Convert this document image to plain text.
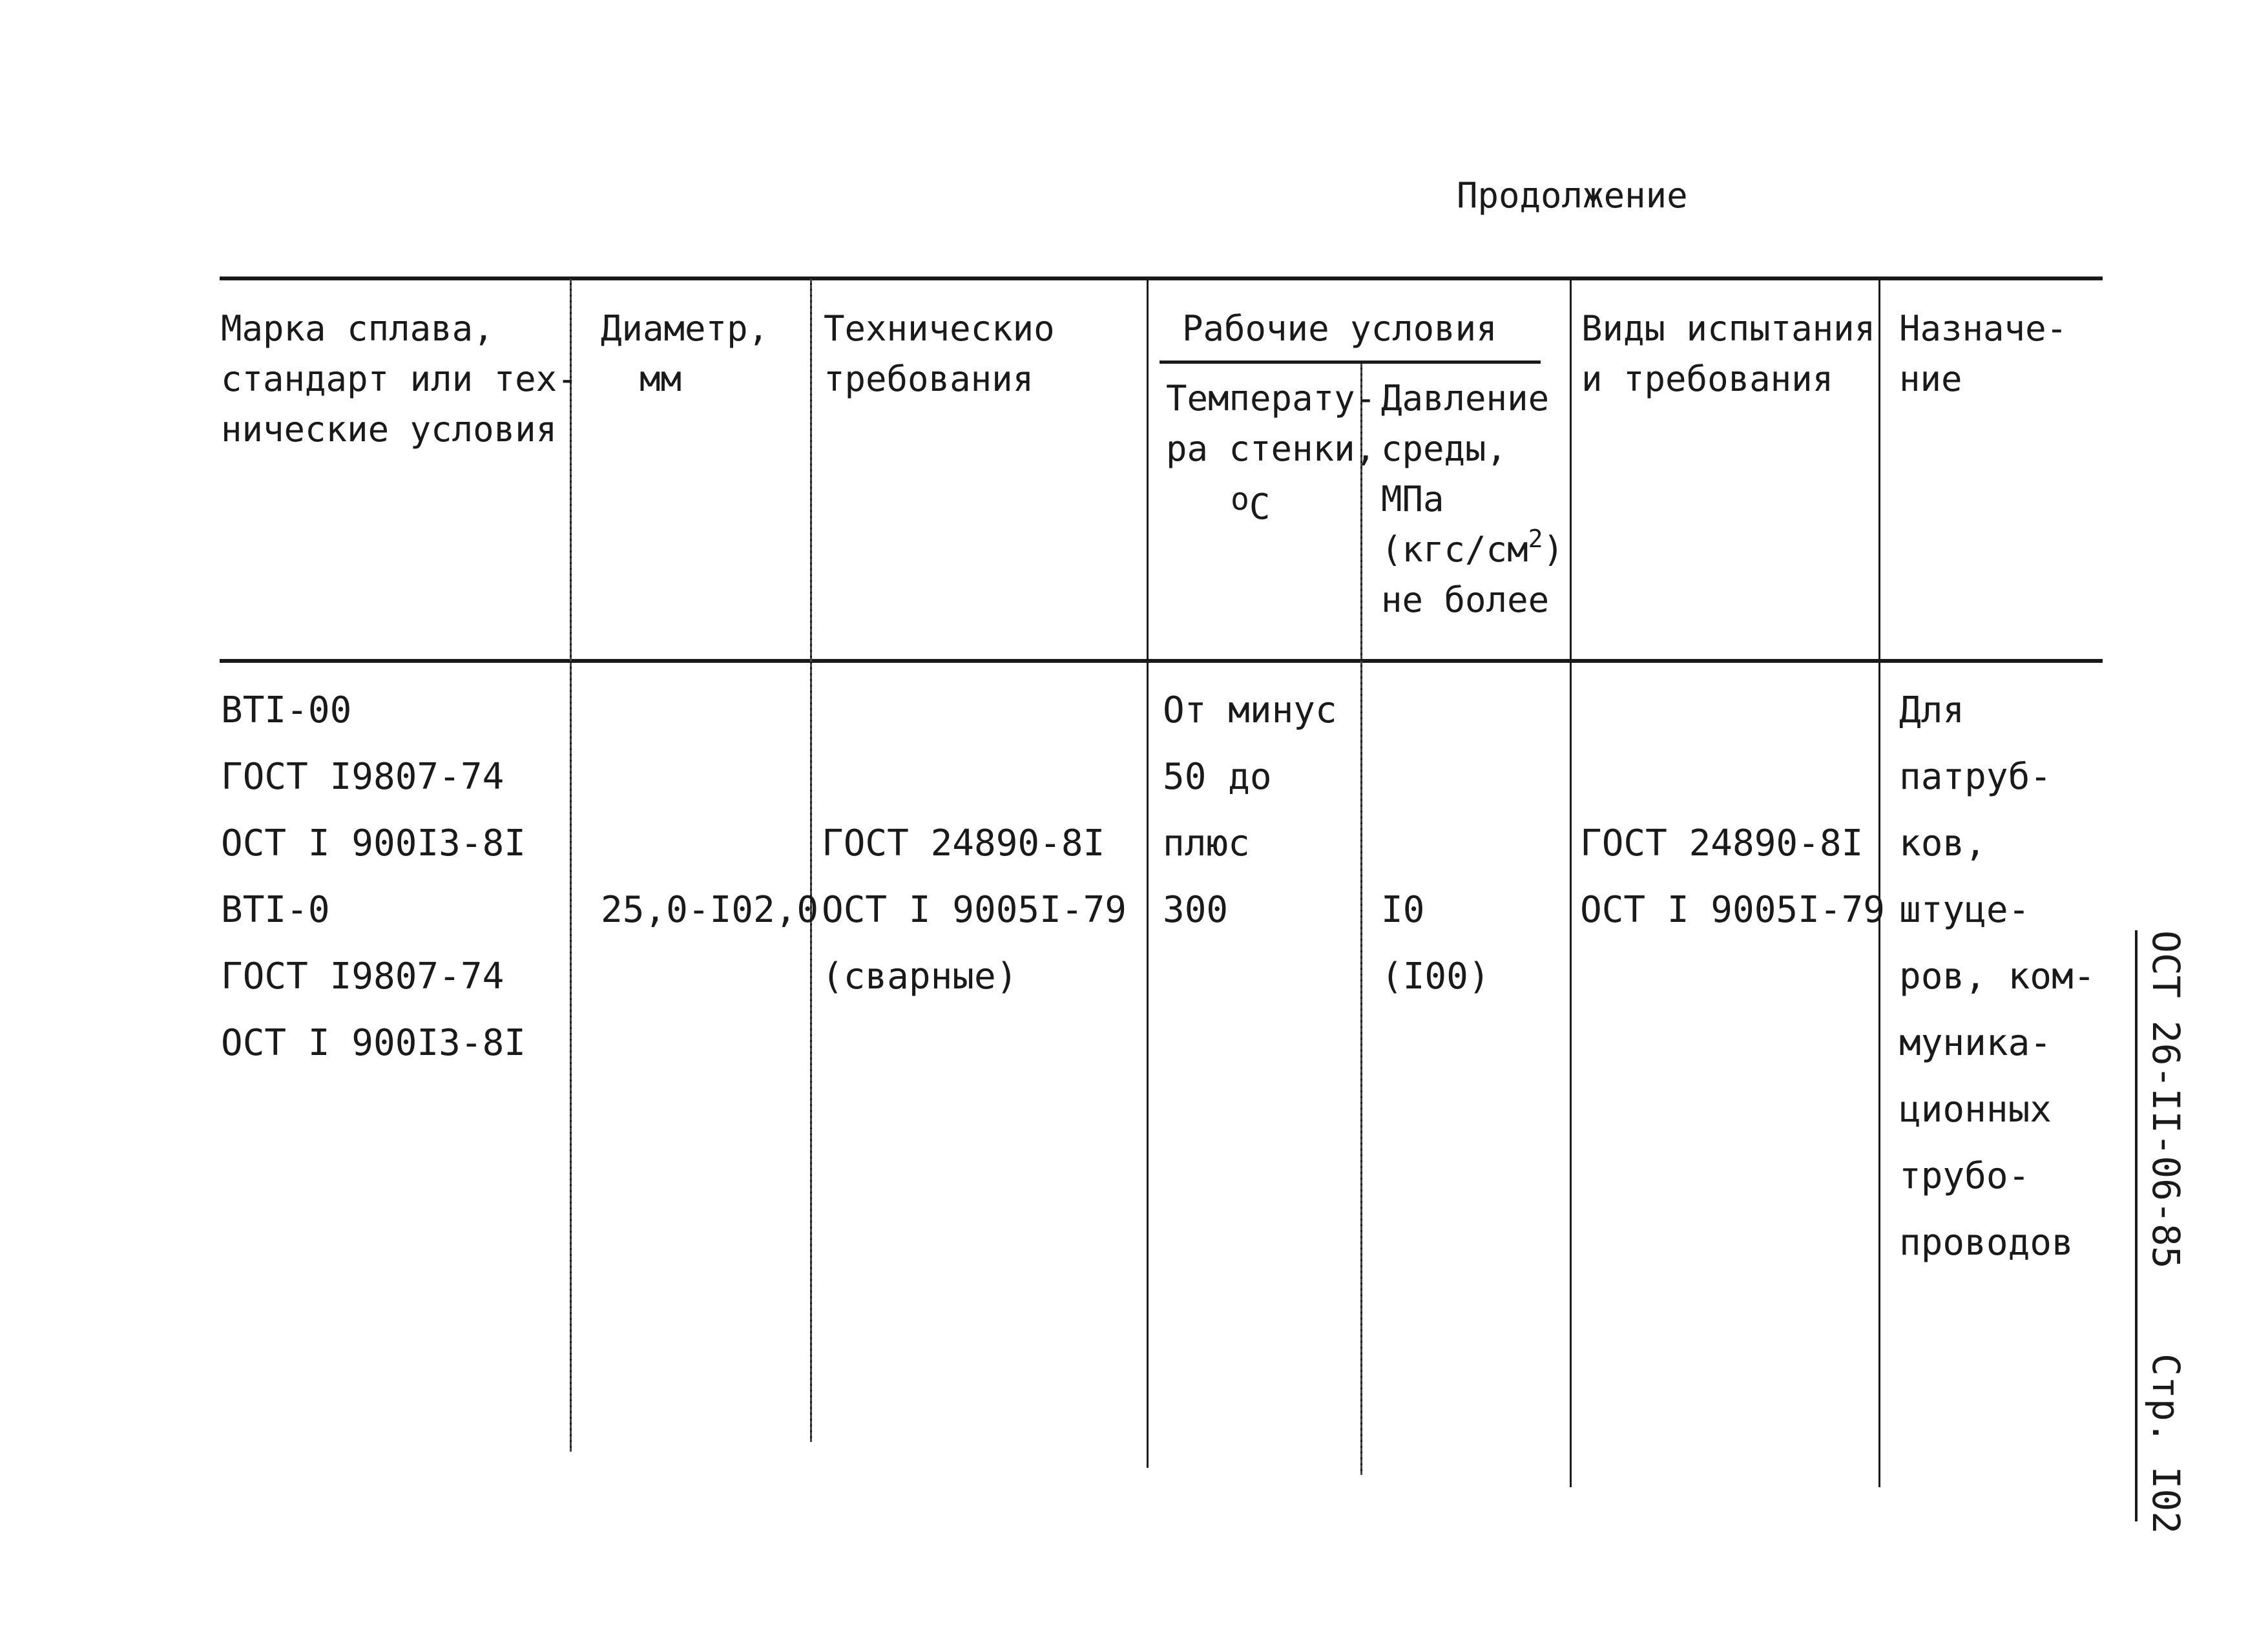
Продолжение
Марка сплава,
стандарт или тех-
нические условия
Диаметр,
мм
Техническио
требования
Рабочие условия
Температу-
ра стенки,
оС
Давление
среды,
МПа
$(кгс/см^2)$
не более
Виды испытания
и требования
Назначе-
ние
ВТI-00
ГОСТ I9807-74
ОСТ I 900I3-8I
ВТI-0
ГОСТ I9807-74
ОСТ I 900I3-8I
25,0-I02,0
ГОСТ 24890-8I
ОСТ I 9005I-79
(сварные)
От минус
50 до
плюс
300	I0
(I00)
ГОСТ 24890-8I
ОСТ I 9005I-79
Для
патруб-
ков,
штуце-
ров, ком-
муника-
ционных
трубо-
проводов	ОСТ 26-II-06-85
Стр. I02
